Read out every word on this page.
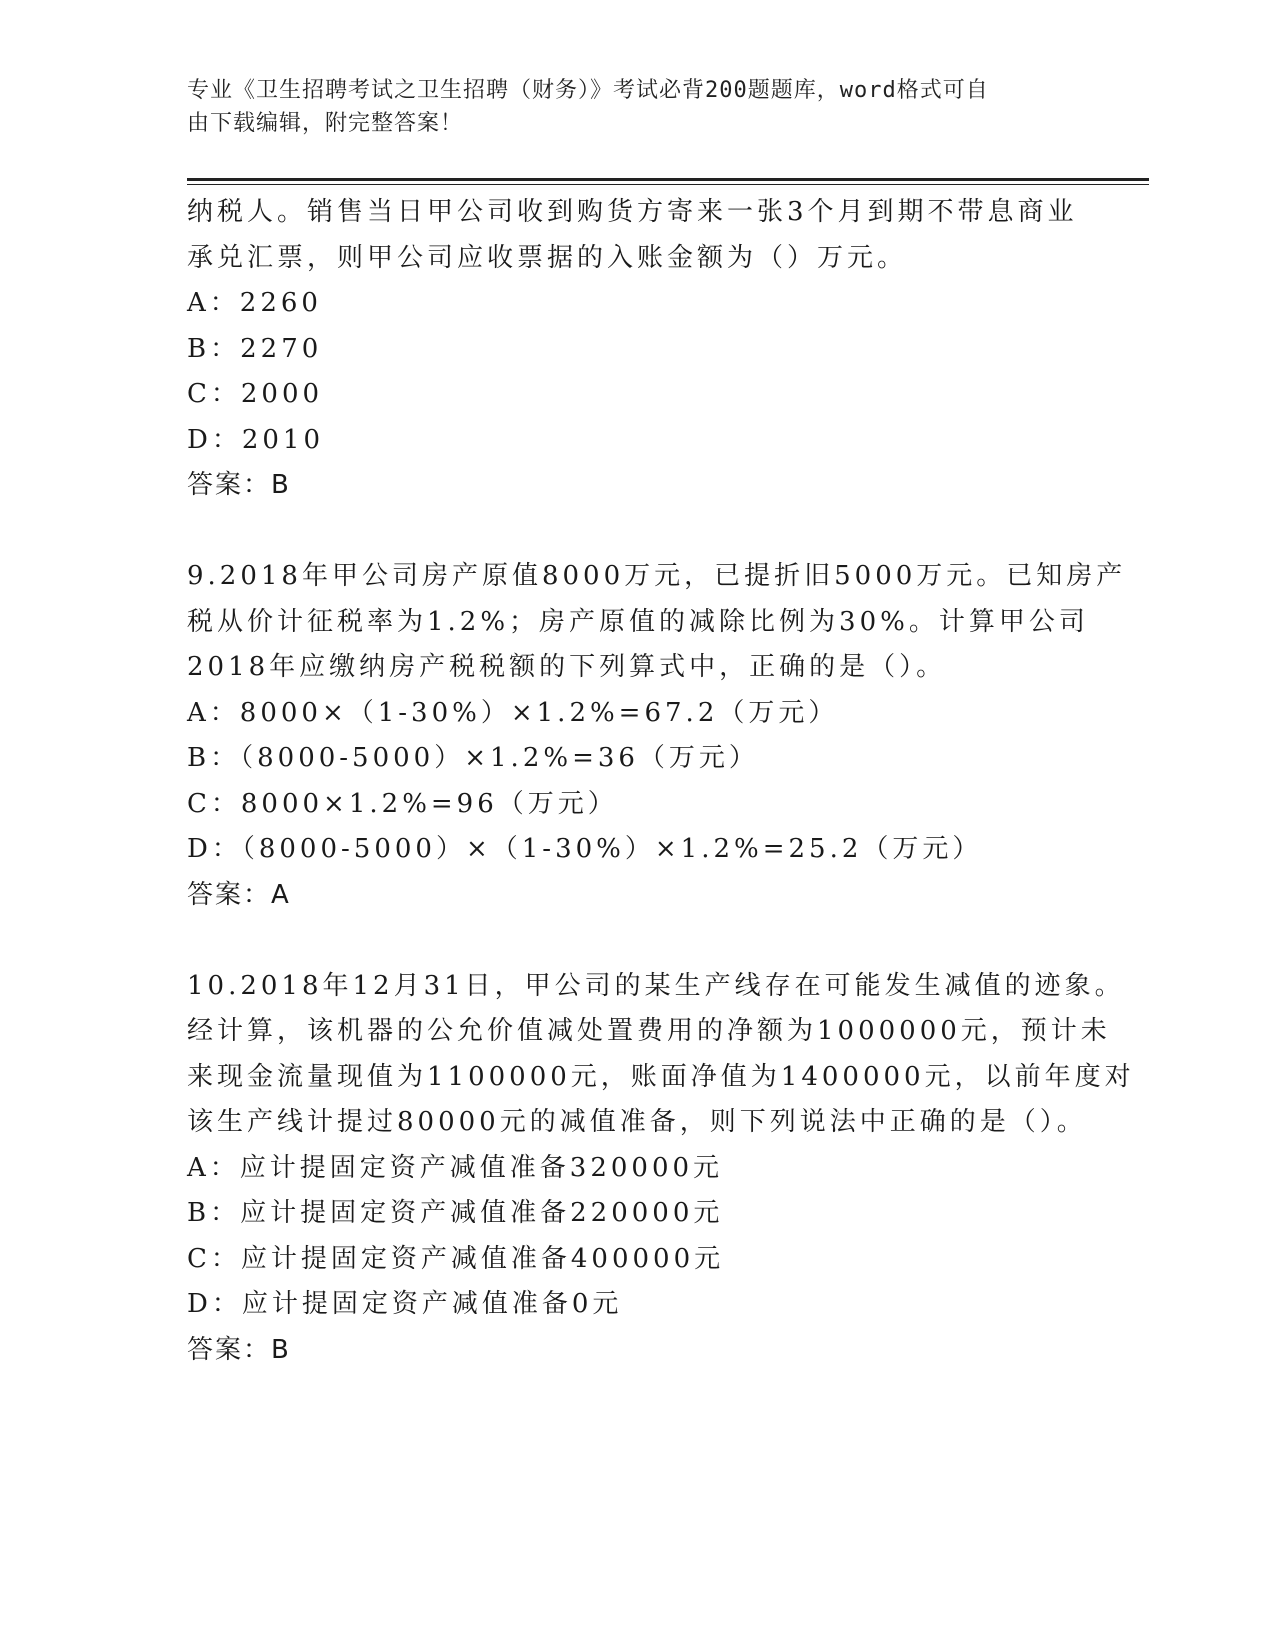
专业《卫生招聘考试之卫生招聘（财务）》考试必背200题题库，word格式可自
由下载编辑，附完整答案！
纳税人。销售当日甲公司收到购货方寄来一张3个月到期不带息商业
承兑汇票，则甲公司应收票据的入账金额为（）万元。
A：2260
B：2270
C：2000
D：2010
答案：B
9.2018年甲公司房产原值8000万元，已提折旧5000万元。已知房产
税从价计征税率为1.2%；房产原值的减除比例为30%。计算甲公司
2018年应缴纳房产税税额的下列算式中，正确的是（）。
A：8000×（1-30%）×1.2%=67.2（万元）
B：（8000-5000）×1.2%=36（万元）
C：8000×1.2%=96（万元）
D：（8000-5000）×（1-30%）×1.2%=25.2（万元）
答案：A
10.2018年12月31日，甲公司的某生产线存在可能发生减值的迹象。
经计算，该机器的公允价值减处置费用的净额为1000000元，预计未
来现金流量现值为1100000元，账面净值为1400000元，以前年度对
该生产线计提过80000元的减值准备，则下列说法中正确的是（）。
A：应计提固定资产减值准备320000元
B：应计提固定资产减值准备220000元
C：应计提固定资产减值准备400000元
D：应计提固定资产减值准备0元
答案：B
